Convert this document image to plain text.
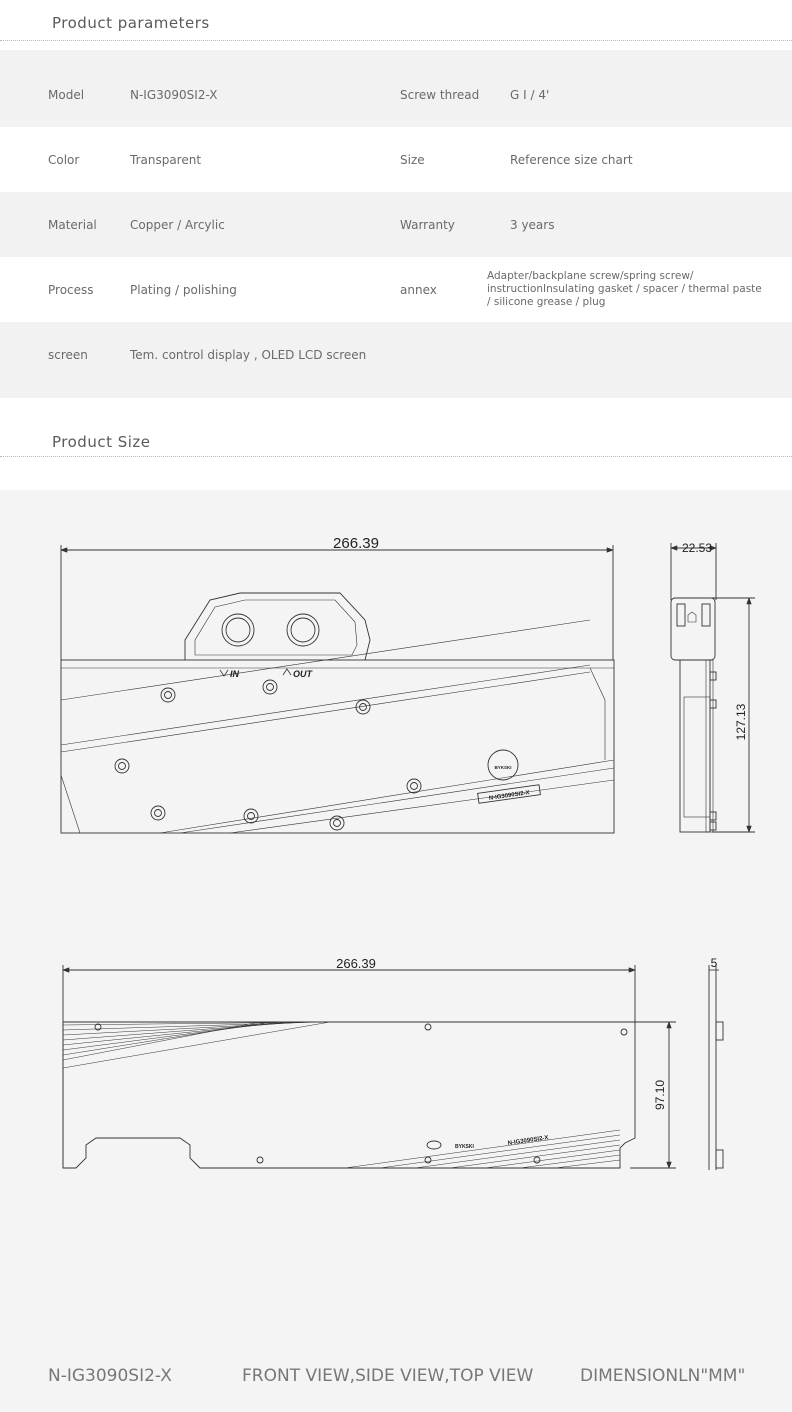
Product parameters
Model	N-IG3090SI2-X	Screw thread	G I / 4'
Color	Transparent	Size	Reference size chart
Material	Copper / Arcylic	Warranty	3 years
Process	Plating / polishing	annex
Adapter/backplane screw/spring screw/ instructionInsulating gasket / spacer / thermal paste / silicone grease / plug
screen	Tem. control display , OLED LCD screen
Product Size
266.39	22.53
127.13
IN	OUT
BYKSKI
N-IG3090SI2-X
266.39	5
97.10
BYKSKI
N-IG3090SI2-X
N-IG3090SI2-X	FRONT VIEW,SIDE VIEW,TOP VIEW	DIMENSIONLN"MM"
